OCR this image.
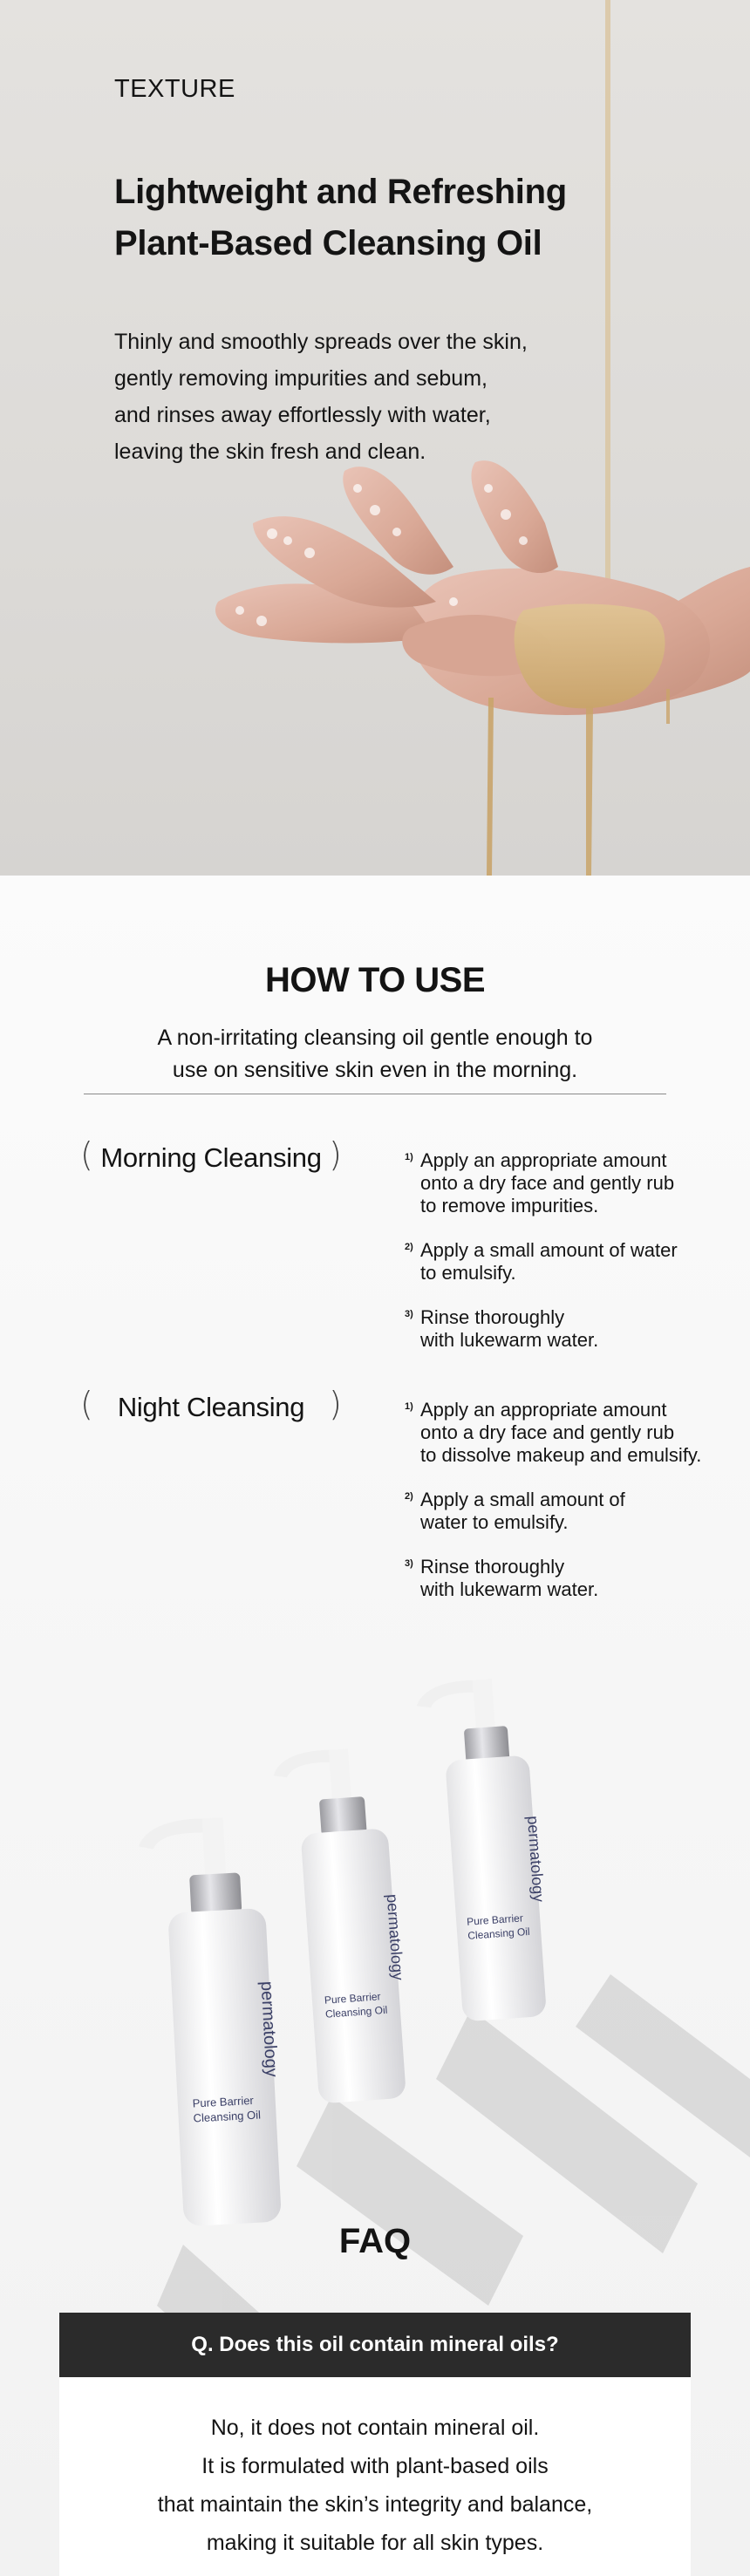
TEXTURE

Lightweight and Refreshing
Plant-Based Cleansing Oil

Thinly and smoothly spreads over the skin,
gently removing impurities and sebum,
and rinses away effortlessly with water,
leaving the skin fresh and clean.

HOW TO USE

A non-irritating cleansing oil gentle enough to
use on sensitive skin even in the morning.

( Morning Cleansing )	1) Apply an appropriate amount
onto a dry face and gently rub
to remove impurities.
2) Apply a small amount of water
to emulsify.
3) Rinse thoroughly
with lukewarm water.
( Night Cleansing )	1) Apply an appropriate amount
onto a dry face and gently rub
to dissolve makeup and emulsify.
2) Apply a small amount of
water to emulsify.
3) Rinse thoroughly
with lukewarm water.
permatology
Pure Barrier
Cleansing Oil
permatology
Pure Barrier
Cleansing Oil
permatology
Pure Barrier
Cleansing Oil
FAQ
Q. Does this oil contain mineral oils?

No, it does not contain mineral oil.
It is formulated with plant-based oils
that maintain the skin’s integrity and balance,
making it suitable for all skin types.
